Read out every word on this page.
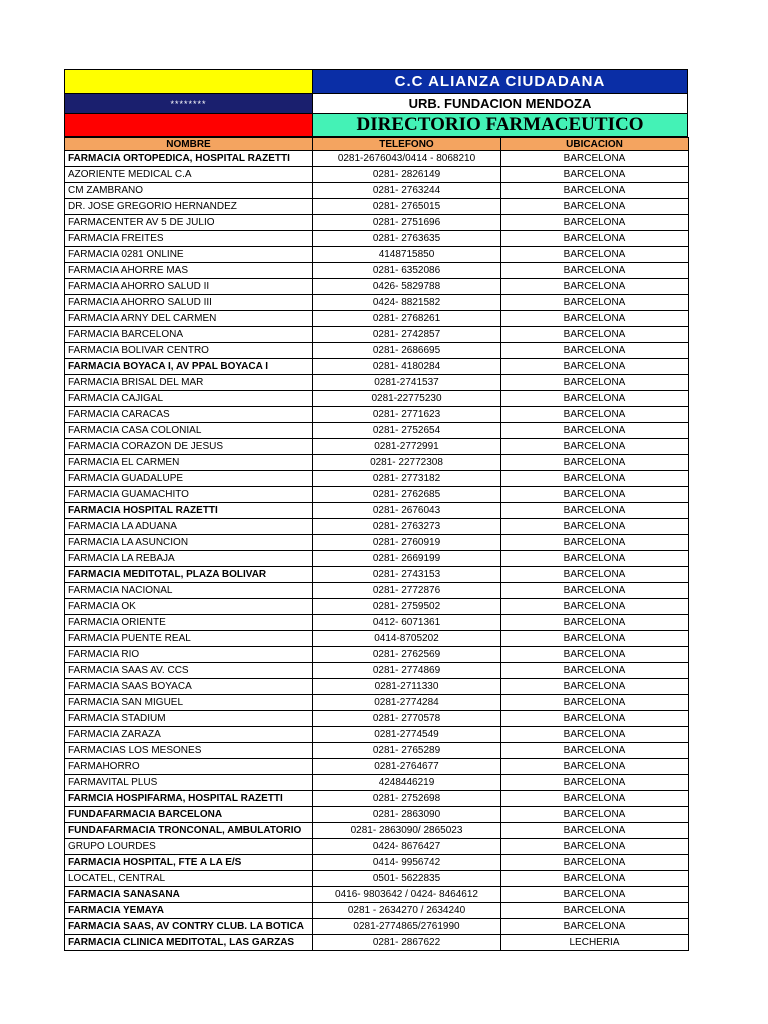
C.C ALIANZA CIUDADANA
********	URB. FUNDACION MENDOZA
DIRECTORIO FARMACEUTICO
NOMBRE	TELEFONO	UBICACION
FARMACIA ORTOPEDICA, HOSPITAL RAZETTI	0281-2676043/0414 - 8068210	BARCELONA
AZORIENTE MEDICAL C.A	0281- 2826149	BARCELONA
CM ZAMBRANO	0281- 2763244	BARCELONA
DR. JOSE GREGORIO HERNANDEZ	0281- 2765015	BARCELONA
FARMACENTER AV 5 DE JULIO	0281- 2751696	BARCELONA
FARMACIA FREITES	0281- 2763635	BARCELONA
FARMACIA 0281 ONLINE	4148715850	BARCELONA
FARMACIA AHORRE MAS	0281- 6352086	BARCELONA
FARMACIA AHORRO SALUD II	0426- 5829788	BARCELONA
FARMACIA AHORRO SALUD III	0424- 8821582	BARCELONA
FARMACIA ARNY DEL CARMEN	0281- 2768261	BARCELONA
FARMACIA BARCELONA	0281- 2742857	BARCELONA
FARMACIA BOLIVAR CENTRO	0281- 2686695	BARCELONA
FARMACIA BOYACA I, AV PPAL BOYACA I	0281- 4180284	BARCELONA
FARMACIA BRISAL DEL MAR	0281-2741537	BARCELONA
FARMACIA CAJIGAL	0281-22775230	BARCELONA
FARMACIA CARACAS	0281- 2771623	BARCELONA
FARMACIA CASA COLONIAL	0281- 2752654	BARCELONA
FARMACIA CORAZON DE JESUS	0281-2772991	BARCELONA
FARMACIA EL CARMEN	0281- 22772308	BARCELONA
FARMACIA GUADALUPE	0281- 2773182	BARCELONA
FARMACIA GUAMACHITO	0281- 2762685	BARCELONA
FARMACIA HOSPITAL RAZETTI	0281- 2676043	BARCELONA
FARMACIA LA ADUANA	0281- 2763273	BARCELONA
FARMACIA LA ASUNCION	0281- 2760919	BARCELONA
FARMACIA LA REBAJA	0281- 2669199	BARCELONA
FARMACIA MEDITOTAL, PLAZA BOLIVAR	0281- 2743153	BARCELONA
FARMACIA NACIONAL	0281- 2772876	BARCELONA
FARMACIA OK	0281- 2759502	BARCELONA
FARMACIA ORIENTE	0412- 6071361	BARCELONA
FARMACIA PUENTE REAL	0414-8705202	BARCELONA
FARMACIA RIO	0281- 2762569	BARCELONA
FARMACIA SAAS AV. CCS	0281- 2774869	BARCELONA
FARMACIA SAAS BOYACA	0281-2711330	BARCELONA
FARMACIA SAN MIGUEL	0281-2774284	BARCELONA
FARMACIA STADIUM	0281- 2770578	BARCELONA
FARMACIA ZARAZA	0281-2774549	BARCELONA
FARMACIAS LOS MESONES	0281- 2765289	BARCELONA
FARMAHORRO	0281-2764677	BARCELONA
FARMAVITAL PLUS	4248446219	BARCELONA
FARMCIA HOSPIFARMA, HOSPITAL RAZETTI	0281- 2752698	BARCELONA
FUNDAFARMACIA BARCELONA	0281- 2863090	BARCELONA
FUNDAFARMACIA TRONCONAL, AMBULATORIO	0281- 2863090/ 2865023	BARCELONA
GRUPO LOURDES	0424- 8676427	BARCELONA
FARMACIA HOSPITAL, FTE A LA E/S	0414- 9956742	BARCELONA
LOCATEL, CENTRAL	0501- 5622835	BARCELONA
FARMACIA SANASANA	0416- 9803642 / 0424- 8464612	BARCELONA
FARMACIA YEMAYA	0281 - 2634270 / 2634240	BARCELONA
FARMACIA SAAS, AV CONTRY CLUB. LA BOTICA	0281-2774865/2761990	BARCELONA
FARMACIA CLINICA MEDITOTAL, LAS GARZAS	0281- 2867622	LECHERIA
